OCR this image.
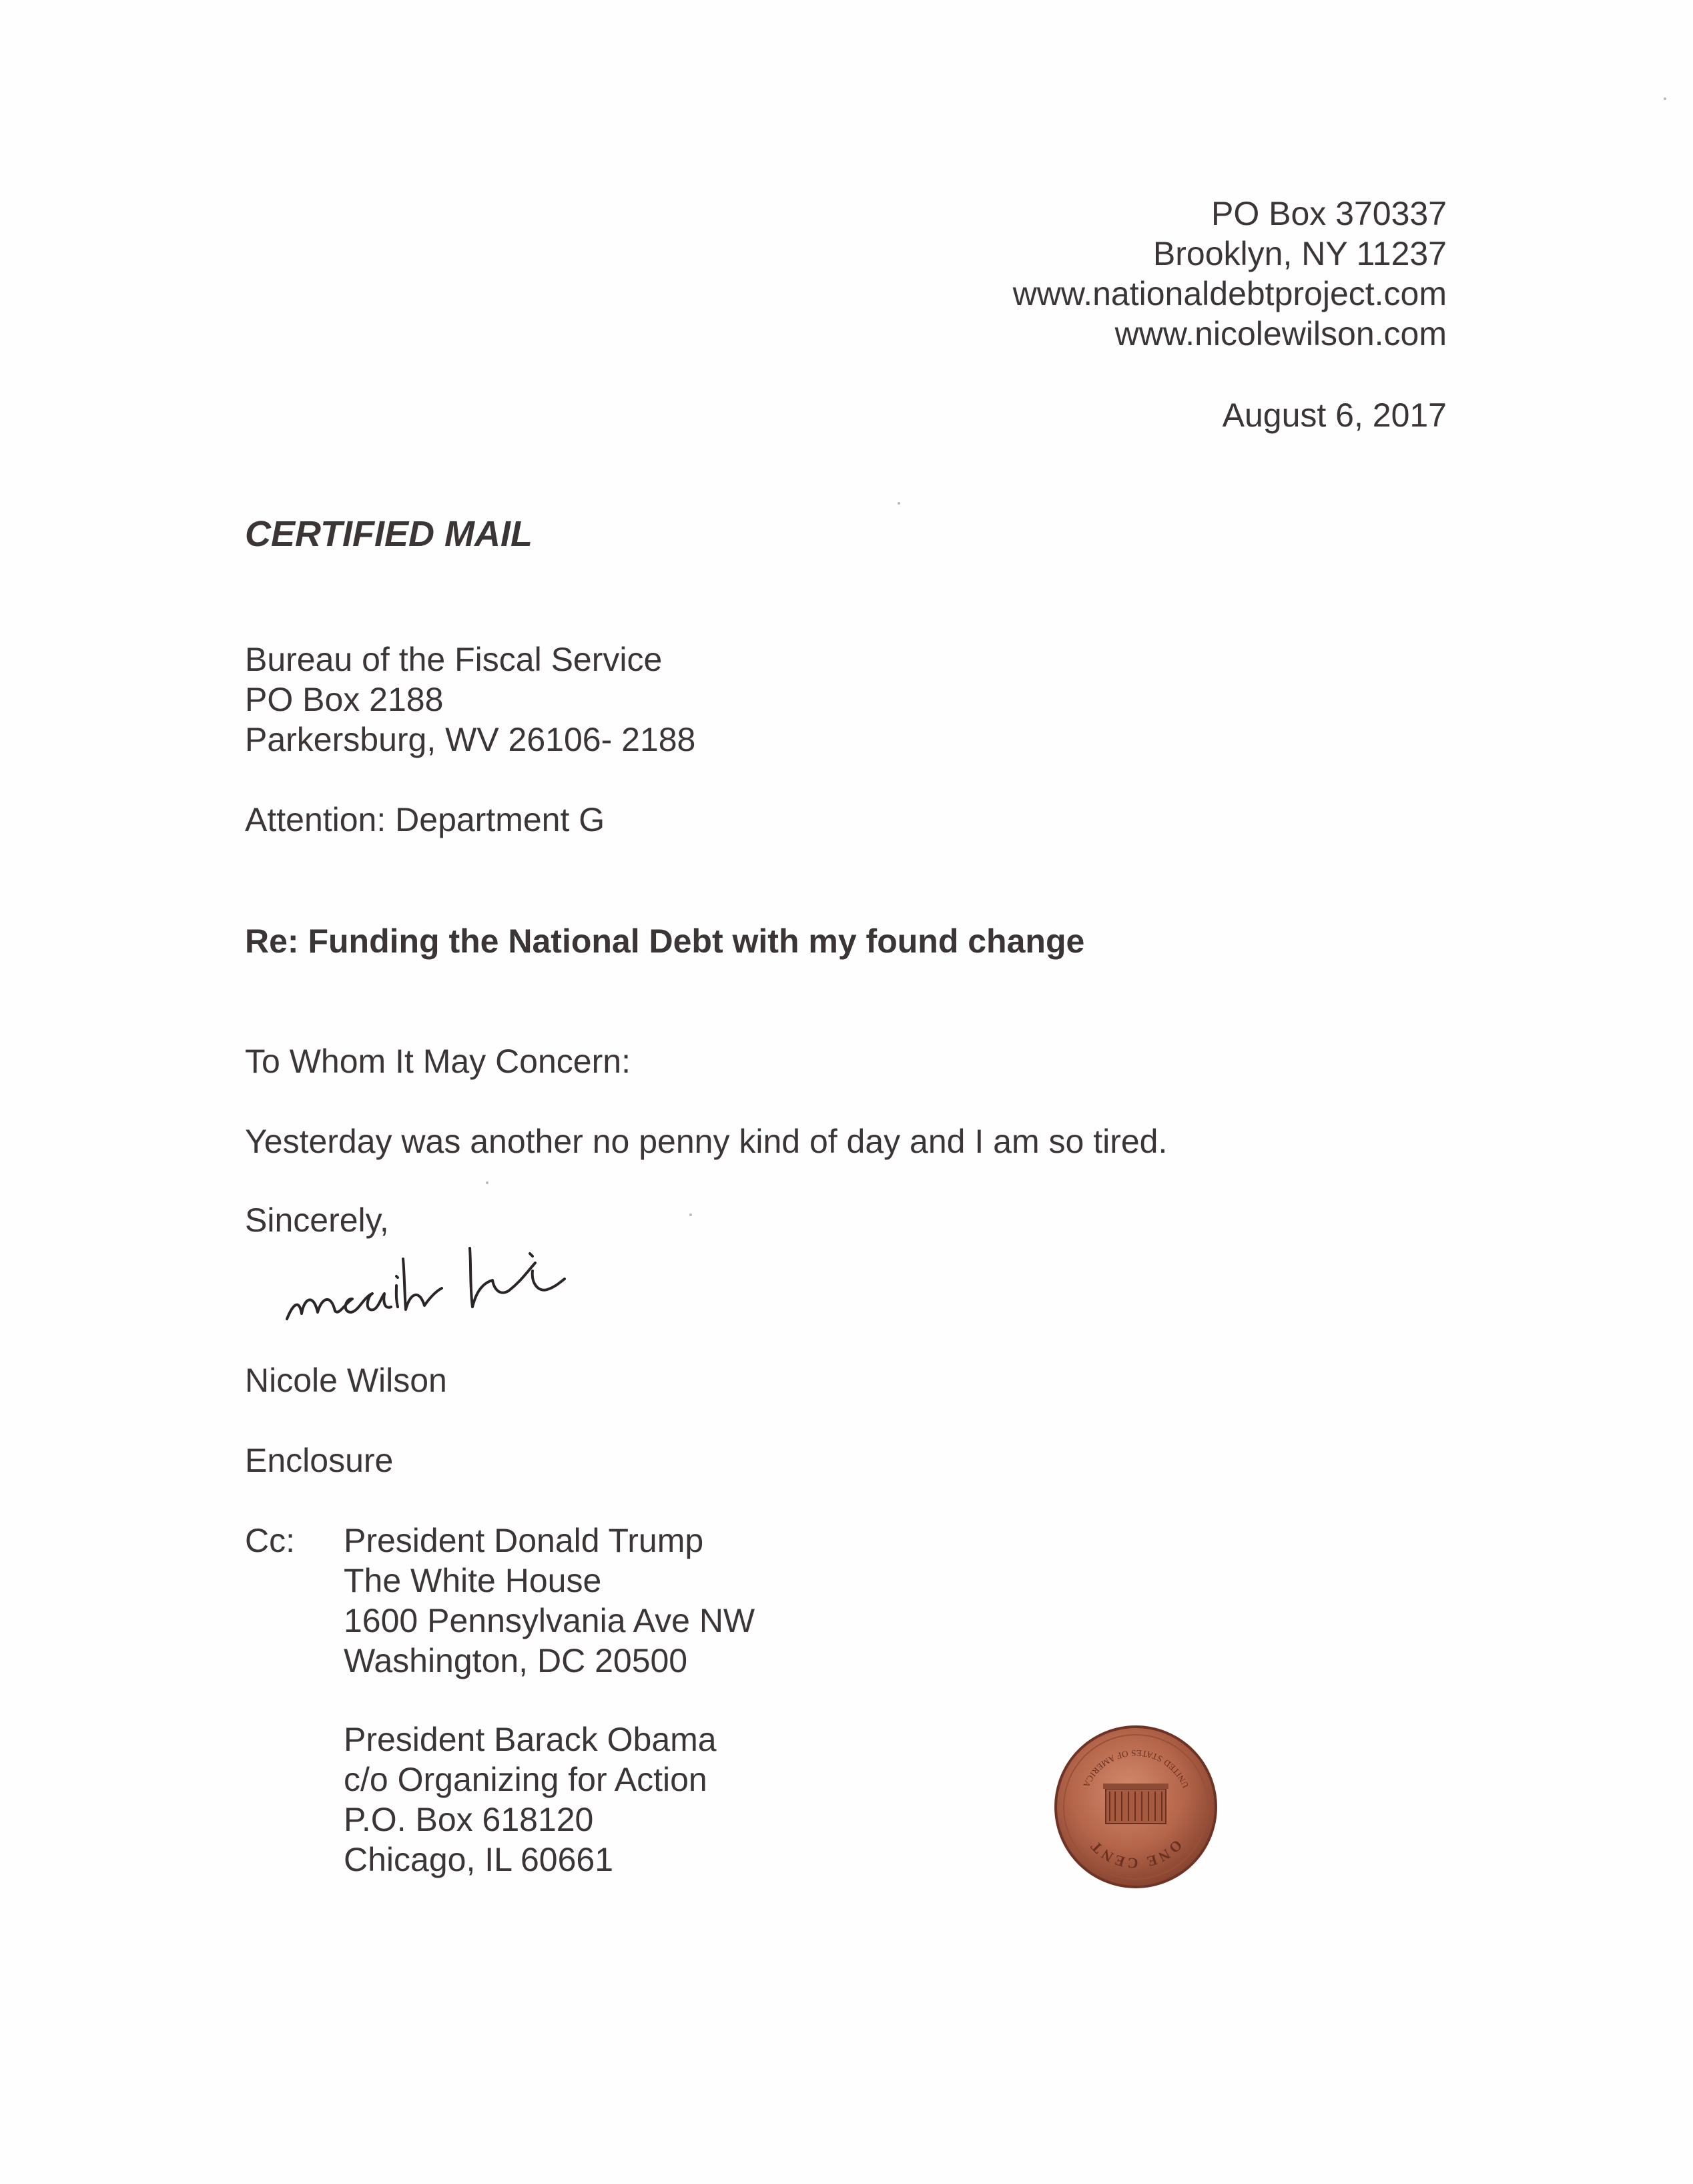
PO Box 370337
Brooklyn, NY 11237
www.nationaldebtproject.com
www.nicolewilson.com
August 6, 2017
CERTIFIED MAIL
Bureau of the Fiscal Service
PO Box 2188
Parkersburg, WV 26106- 2188
Attention: Department G
Re: Funding the National Debt with my found change
To Whom It May Concern:
Yesterday was another no penny kind of day and I am so tired.
Sincerely,
Nicole Wilson
Enclosure
Cc: President Donald Trump
The White House
1600 Pennsylvania Ave NW
Washington, DC 20500
President Barack Obama
c/o Organizing for Action
P.O. Box 618120
Chicago, IL 60661	ONE CENT
UNITED STATES OF AMERICA
